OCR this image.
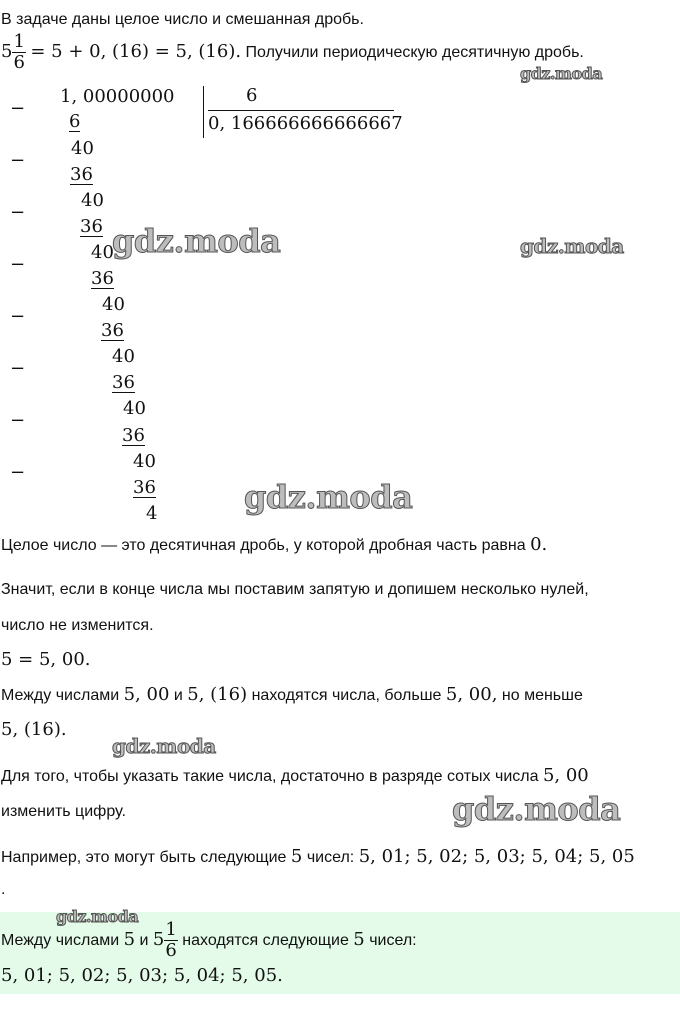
В задаче даны целое число и смешанная дробь.
$5 \frac{1}{6} = 5 + 0$, (16) = 5, (16). Получили периодическую десятичную дробь.
1, 00000000	6
0, 166666666666667
−
6
40
−
36
40
−
36
40
−
36
40
−
36
40
−
36
40
−
36
40
−
36
4
Целое число — это десятичная дробь, у которой дробная часть равна 0.
Значит, если в конце числа мы поставим запятую и допишем несколько нулей,
число не изменится.
5 = 5, 00.
Между числами 5, 00 и 5, (16) находятся числа, больше 5, 00, но меньше
5, (16).
Для того, чтобы указать такие числа, достаточно в разряде сотых числа 5, 00
изменить цифру.
Например, это могут быть следующие 5 чисел: 5, 01; 5, 02; 5, 03; 5, 04; 5, 05
.
Между числами 5 и $5 \frac{1}{6}$ находятся следующие 5 чисел:
5, 01; 5, 02; 5, 03; 5, 04; 5, 05.
gdz.moda
gdz.moda	gdz.moda
gdz.moda
gdz.moda
gdz.moda
gdz.moda
